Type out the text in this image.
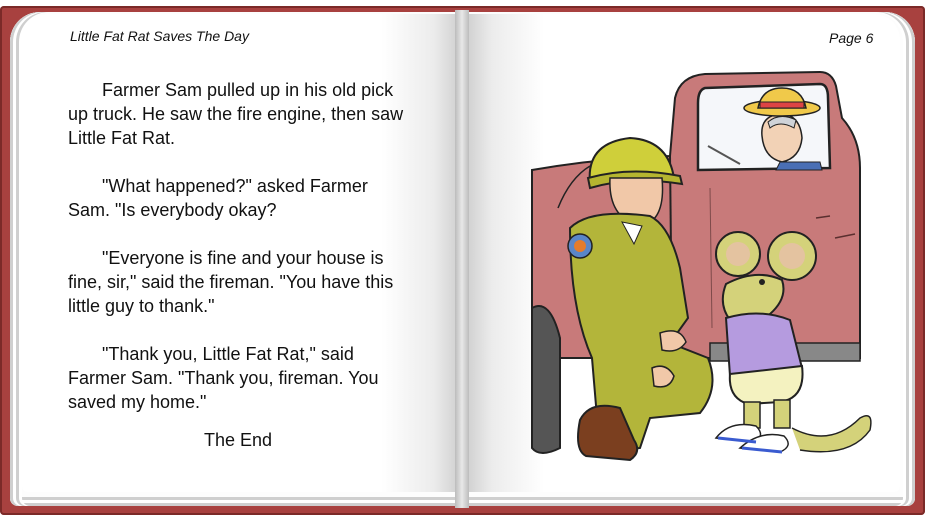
Little Fat Rat Saves The Day	Page 6

Farmer Sam pulled up in his old pick up truck. He saw the fire engine, then saw Little Fat Rat.

"What happened?" asked Farmer Sam. "Is everybody okay?

"Everyone is fine and your house is fine, sir," said the fireman. "You have this little guy to thank."

"Thank you, Little Fat Rat," said Farmer Sam. "Thank you, fireman. You saved my home."

The End
